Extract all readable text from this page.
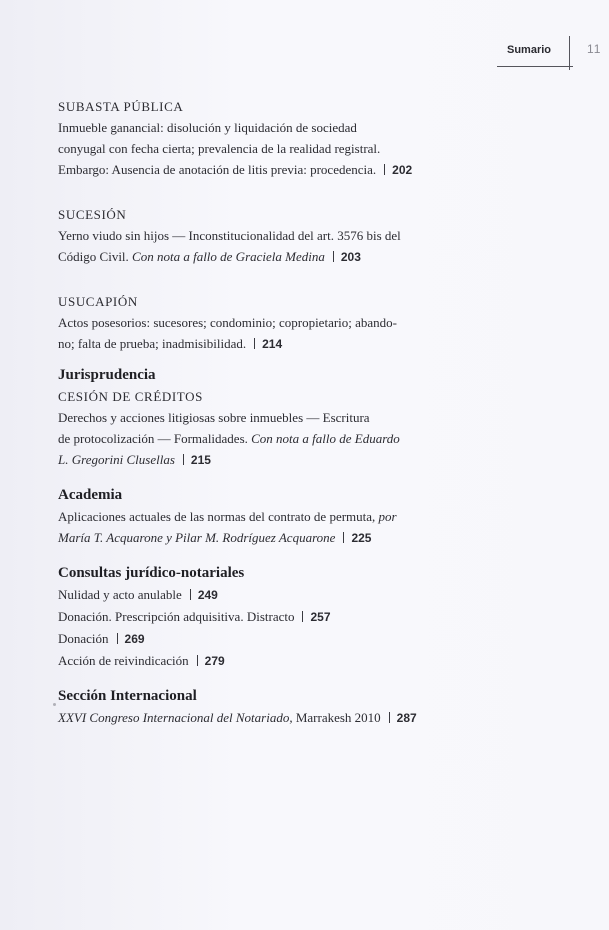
Sumario	11
SUBASTA PÚBLICA
Inmueble ganancial: disolución y liquidación de sociedad
conyugal con fecha cierta; prevalencia de la realidad registral.
Embargo: Ausencia de anotación de litis previa: procedencia. 202
SUCESIÓN
Yerno viudo sin hijos — Inconstitucionalidad del art. 3576 bis del
Código Civil. Con nota a fallo de Graciela Medina 203
USUCAPIÓN
Actos posesorios: sucesores; condominio; copropietario; abando-
no; falta de prueba; inadmisibilidad. 214
Jurisprudencia
CESIÓN DE CRÉDITOS
Derechos y acciones litigiosas sobre inmuebles — Escritura
de protocolización — Formalidades. Con nota a fallo de Eduardo
L. Gregorini Clusellas 215
Academia
Aplicaciones actuales de las normas del contrato de permuta, por
María T. Acquarone y Pilar M. Rodríguez Acquarone 225
Consultas jurídico-notariales
Nulidad y acto anulable 249
Donación. Prescripción adquisitiva. Distracto 257
Donación 269
Acción de reivindicación 279
Sección Internacional
XXVI Congreso Internacional del Notariado, Marrakesh 2010 287
